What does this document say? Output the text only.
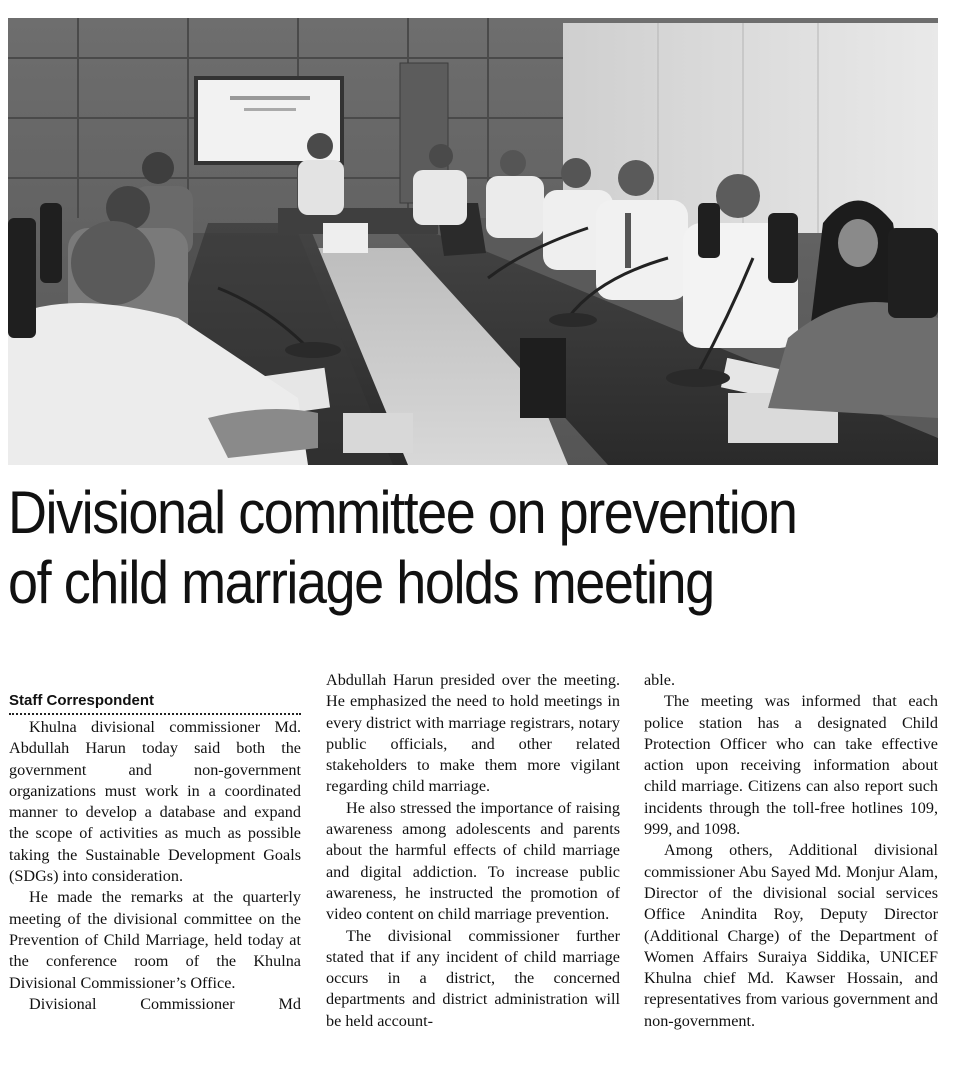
Divisional committee on prevention
of child marriage holds meeting
Staff Correspondent

Khulna divisional commissioner Md. Abdullah Harun today said both the government and non-government organizations must work in a coordinated manner to develop a database and expand the scope of activities as much as possible taking the Sustainable Development Goals (SDGs) into consideration.

He made the remarks at the quarterly meeting of the divisional committee on the Prevention of Child Marriage, held today at the conference room of the Khulna Divisional Commissioner’s Office.

Divisional Commissioner Md

Abdullah Harun presided over the meeting. He emphasized the need to hold meetings in every district with marriage registrars, notary public officials, and other related stakeholders to make them more vigilant regarding child marriage.

He also stressed the importance of raising awareness among adolescents and parents about the harmful effects of child marriage and digital addiction. To increase public awareness, he instructed the promotion of video content on child marriage prevention.

The divisional commissioner further stated that if any incident of child marriage occurs in a district, the concerned departments and district administration will be held account-

able.

The meeting was informed that each police station has a designated Child Protection Officer who can take effective action upon receiving information about child marriage. Citizens can also report such incidents through the toll-free hotlines 109, 999, and 1098.

Among others, Additional divisional commissioner Abu Sayed Md. Monjur Alam, Director of the divisional social services Office Anindita Roy, Deputy Director (Additional Charge) of the Department of Women Affairs Suraiya Siddika, UNICEF Khulna chief Md. Kawser Hossain, and representatives from various government and non-government.
